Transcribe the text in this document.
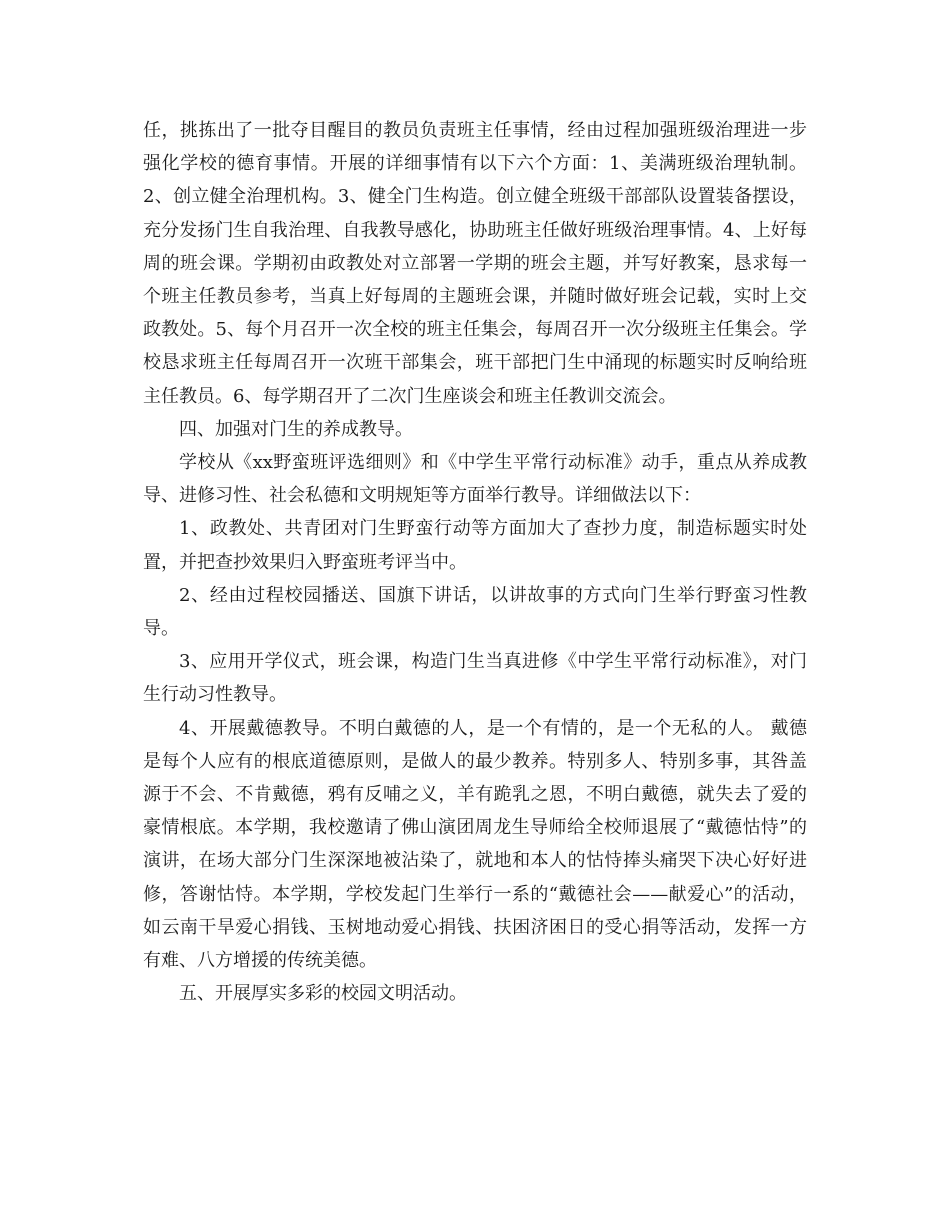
任，挑拣出了一批夺目醒目的教员负责班主任事情，经由过程加强班级治理进一步强化学校的德育事情。开展的详细事情有以下六个方面：1、美满班级治理轨制。2、创立健全治理机构。3、健全门生构造。创立健全班级干部部队设置装备摆设，充分发扬门生自我治理、自我教导感化，协助班主任做好班级治理事情。4、上好每周的班会课。学期初由政教处对立部署一学期的班会主题，并写好教案，恳求每一个班主任教员参考，当真上好每周的主题班会课，并随时做好班会记载，实时上交政教处。5、每个月召开一次全校的班主任集会，每周召开一次分级班主任集会。学校恳求班主任每周召开一次班干部集会，班干部把门生中涌现的标题实时反响给班主任教员。6、每学期召开了二次门生座谈会和班主任教训交流会。

四、加强对门生的养成教导。

学校从《xx野蛮班评选细则》和《中学生平常行动标准》动手，重点从养成教导、进修习性、社会私德和文明规矩等方面举行教导。详细做法以下：

1、政教处、共青团对门生野蛮行动等方面加大了查抄力度，制造标题实时处置，并把查抄效果归入野蛮班考评当中。

2、经由过程校园播送、国旗下讲话，以讲故事的方式向门生举行野蛮习性教导。

3、应用开学仪式，班会课，构造门生当真进修《中学生平常行动标准》，对门生行动习性教导。

4、开展戴德教导。不明白戴德的人，是一个有情的，是一个无私的人。 戴德是每个人应有的根底道德原则，是做人的最少教养。特别多人、特别多事，其咎盖源于不会、不肯戴德，鸦有反哺之义，羊有跪乳之恩，不明白戴德，就失去了爱的豪情根底。本学期，我校邀请了佛山演团周龙生导师给全校师退展了“戴德怙恃”的演讲，在场大部分门生深深地被沾染了，就地和本人的怙恃捧头痛哭下决心好好进修，答谢怙恃。本学期，学校发起门生举行一系的“戴德社会——献爱心”的活动，如云南干旱爱心捐钱、玉树地动爱心捐钱、扶困济困日的受心捐等活动，发挥一方有难、八方增援的传统美德。

五、开展厚实多彩的校园文明活动。
